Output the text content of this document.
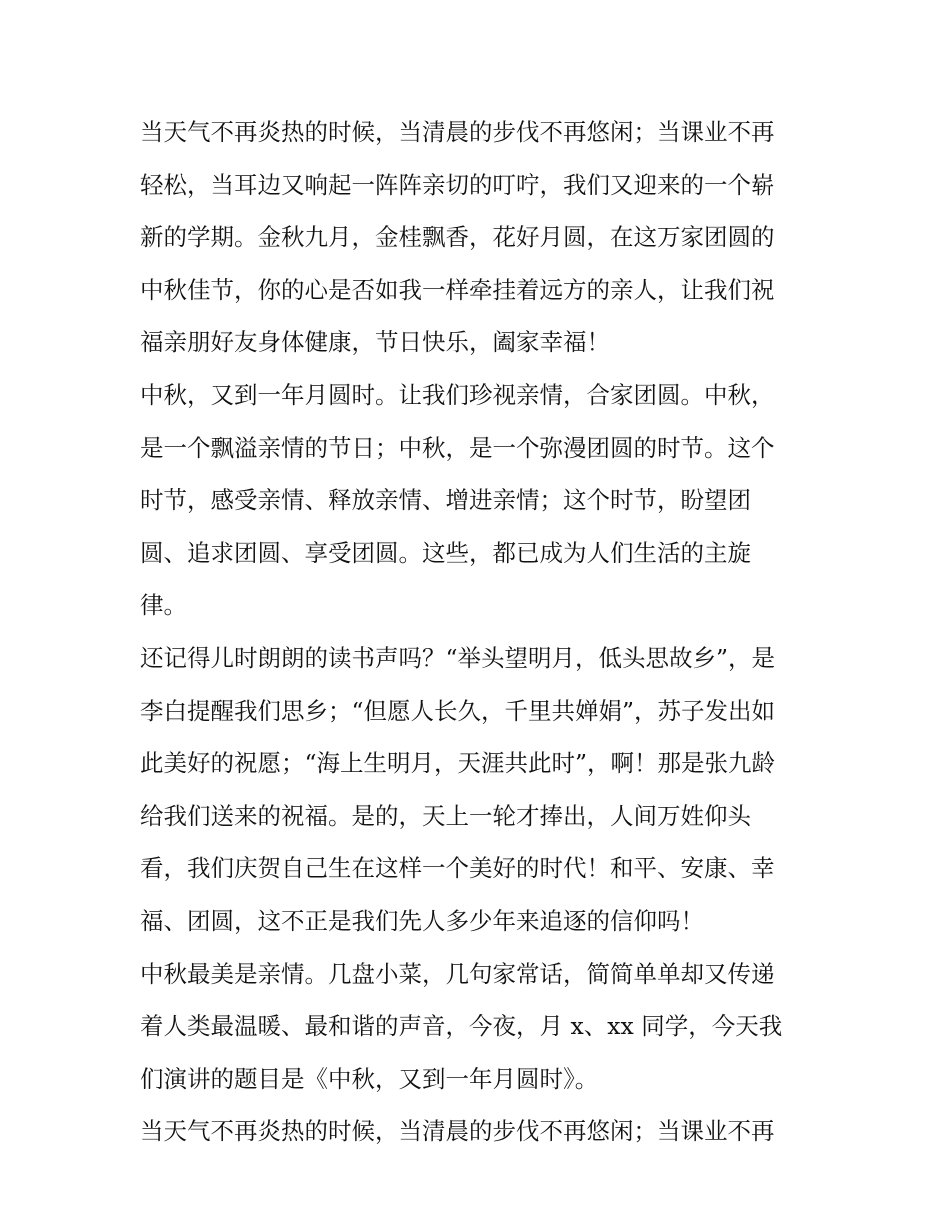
当天气不再炎热的时候，当清晨的步伐不再悠闲；当课业不再
轻松，当耳边又响起一阵阵亲切的叮咛，我们又迎来的一个崭
新的学期。金秋九月，金桂飘香，花好月圆，在这万家团圆的
中秋佳节，你的心是否如我一样牵挂着远方的亲人，让我们祝
福亲朋好友身体健康，节日快乐，阖家幸福！
中秋，又到一年月圆时。让我们珍视亲情，合家团圆。中秋，
是一个飘溢亲情的节日；中秋，是一个弥漫团圆的时节。这个
时节，感受亲情、释放亲情、增进亲情；这个时节，盼望团
圆、追求团圆、享受团圆。这些，都已成为人们生活的主旋
律。
还记得儿时朗朗的读书声吗？“举头望明月，低头思故乡”，是
李白提醒我们思乡；“但愿人长久，千里共婵娟”，苏子发出如
此美好的祝愿；“海上生明月，天涯共此时”，啊！那是张九龄
给我们送来的祝福。是的，天上一轮才捧出，人间万姓仰头
看，我们庆贺自己生在这样一个美好的时代！和平、安康、幸
福、团圆，这不正是我们先人多少年来追逐的信仰吗！
中秋最美是亲情。几盘小菜，几句家常话，简简单单却又传递
着人类最温暖、最和谐的声音，今夜，月 x、xx 同学，今天我
们演讲的题目是《中秋，又到一年月圆时》。
当天气不再炎热的时候，当清晨的步伐不再悠闲；当课业不再
